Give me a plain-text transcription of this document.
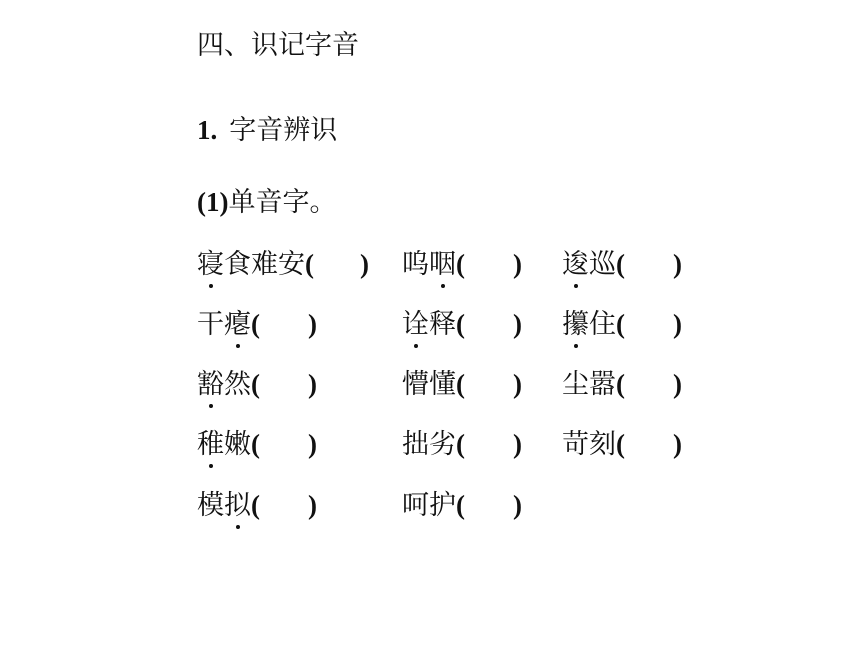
四、识记字音
1. 字音辨识
(1)单音字。
寝食难安( ) 呜咽( ) 逡巡( )
干瘪( )	诠释( ) 攥住( )
豁然( )	懵懂( ) 尘嚣( )
稚嫩( )	拙劣( ) 苛刻( )
模拟( )	呵护( )
